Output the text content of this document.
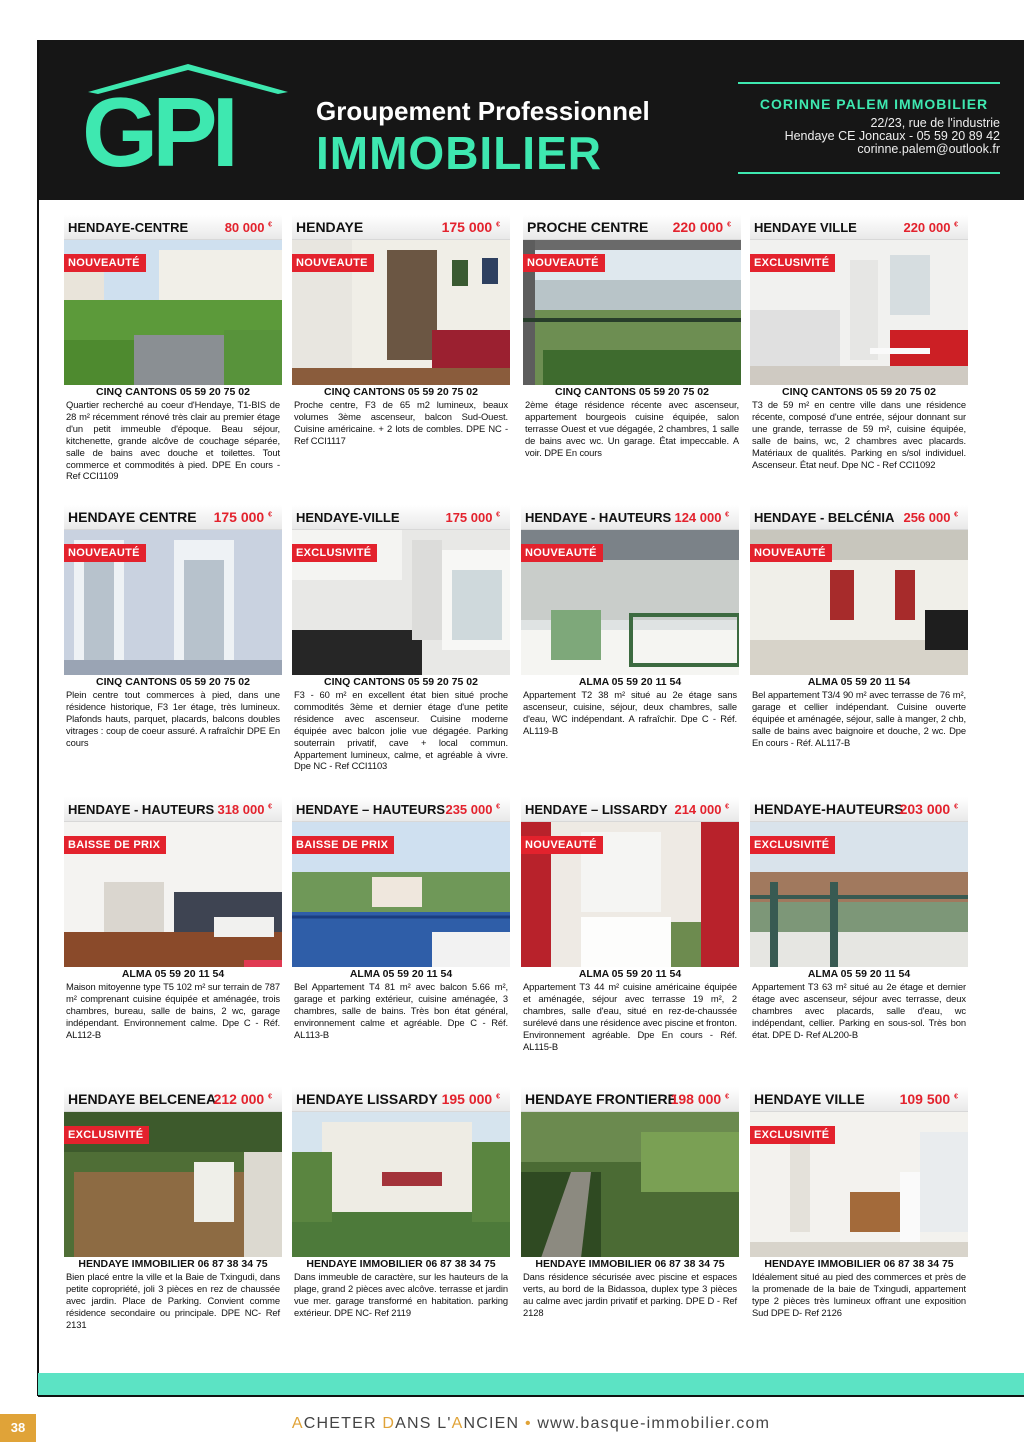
GPI	Groupement Professionnel
IMMOBILIER
CORINNE PALEM IMMOBILIER
22/23, rue de l'industrie
Hendaye CE Joncaux - 05 59 20 89 42
corinne.palem@outlook.fr
HENDAYE-CENTRE	80 000 €
NOUVEAUTÉ
CINQ CANTONS 05 59 20 75 02
Quartier recherché au coeur d'Hendaye, T1-BIS de 28 m² récemment rénové très clair au premier étage d'un petit immeuble d'époque. Beau séjour, kitchenette, grande alcôve de couchage séparée, salle de bains avec douche et toilettes. Tout commerce et commodités à pied. DPE En cours - Ref CCI1109
HENDAYE	175 000 €
NOUVEAUTE
CINQ CANTONS 05 59 20 75 02
Proche centre, F3 de 65 m2 lumineux, beaux volumes 3ème ascenseur, balcon Sud-Ouest. Cuisine américaine. + 2 lots de combles. DPE NC - Ref CCI1117
PROCHE CENTRE 220 000 €
NOUVEAUTÉ
CINQ CANTONS 05 59 20 75 02
2ème étage résidence récente avec ascenseur, appartement bourgeois cuisine équipée, salon terrasse Ouest et vue dégagée, 2 chambres, 1 salle de bains avec wc. Un garage. État impeccable. A voir. DPE En cours
HENDAYE VILLE	220 000 €
EXCLUSIVITÉ
CINQ CANTONS 05 59 20 75 02
T3 de 59 m² en centre ville dans une résidence récente, composé d'une entrée, séjour donnant sur une grande, terrasse de 59 m², cuisine équipée, salle de bains, wc, 2 chambres avec placards. Matériaux de qualités. Parking en s/sol individuel. Ascenseur. État neuf. Dpe NC - Ref CCI1092
HENDAYE CENTRE 175 000 €
NOUVEAUTÉ
CINQ CANTONS 05 59 20 75 02
Plein centre tout commerces à pied, dans une résidence historique, F3 1er étage, très lumineux. Plafonds hauts, parquet, placards, balcons doubles vitrages : coup de coeur assuré. A rafraîchir DPE En cours
HENDAYE-VILLE	175 000 €
EXCLUSIVITÉ
CINQ CANTONS 05 59 20 75 02
F3 - 60 m² en excellent état bien situé proche commodités 3ème et dernier étage d'une petite résidence avec ascenseur. Cuisine moderne équipée avec balcon jolie vue dégagée. Parking souterrain privatif, cave + local commun. Appartement lumineux, calme, et agréable à vivre. Dpe NC - Ref CCI1103
HENDAYE - HAUTEURS 124 000 €
NOUVEAUTÉ
ALMA 05 59 20 11 54
Appartement T2 38 m² situé au 2e étage sans ascenseur, cuisine, séjour, deux chambres, salle d'eau, WC indépendant. A rafraîchir. Dpe C - Réf. AL119-B
HENDAYE - BELCÉNIA 256 000 €
NOUVEAUTÉ
ALMA 05 59 20 11 54
Bel appartement T3/4 90 m² avec terrasse de 76 m², garage et cellier indépendant. Cuisine ouverte équipée et aménagée, séjour, salle à manger, 2 chb, salle de bains avec baignoire et douche, 2 wc. Dpe En cours - Réf. AL117-B
HENDAYE - HAUTEURS 318 000 €
BAISSE DE PRIX
ALMA 05 59 20 11 54
Maison mitoyenne type T5 102 m² sur terrain de 787 m² comprenant cuisine équipée et aménagée, trois chambres, bureau, salle de bains, 2 wc, garage indépendant. Environnement calme. Dpe C - Réf. AL112-B
HENDAYE – HAUTEURS 235 000 €
BAISSE DE PRIX
ALMA 05 59 20 11 54
Bel Appartement T4 81 m² avec balcon 5.66 m², garage et parking extérieur, cuisine aménagée, 3 chambres, salle de bains. Très bon état général, environnement calme et agréable. Dpe C - Réf. AL113-B
HENDAYE – LISSARDY 214 000 €
NOUVEAUTÉ
ALMA 05 59 20 11 54
Appartement T3 44 m² cuisine américaine équipée et aménagée, séjour avec terrasse 19 m², 2 chambres, salle d'eau, situé en rez-de-chaussée surélevé dans une résidence avec piscine et fronton. Environnement agréable. Dpe En cours - Réf. AL115-B
HENDAYE-HAUTEURS
203 000 €
EXCLUSIVITÉ
ALMA 05 59 20 11 54
Appartement T3 63 m² situé au 2e étage et dernier étage avec ascenseur, séjour avec terrasse, deux chambres avec placards, salle d'eau, wc indépendant, cellier. Parking en sous-sol. Très bon état. DPE D- Ref AL200-B
HENDAYE BELCENEA
212 000 €
EXCLUSIVITÉ
HENDAYE IMMOBILIER 06 87 38 34 75
Bien placé entre la ville et la Baie de Txingudi, dans petite copropriété, joli 3 pièces en rez de chaussée avec jardin. Place de Parking. Convient comme résidence secondaire ou principale. DPE NC- Ref 2131
HENDAYE LISSARDY 195 000 €
HENDAYE IMMOBILIER 06 87 38 34 75
Dans immeuble de caractère, sur les hauteurs de la plage, grand 2 pièces avec alcôve. terrasse et jardin vue mer. garage transformé en habitation. parking extérieur. DPE NC- Ref 2119
HENDAYE FRONTIERE
198 000 €
HENDAYE IMMOBILIER 06 87 38 34 75
Dans résidence sécurisée avec piscine et espaces verts, au bord de la Bidassoa, duplex type 3 pièces au calme avec jardin privatif et parking. DPE D - Ref 2128
HENDAYE VILLE 109 500 €
EXCLUSIVITÉ
HENDAYE IMMOBILIER 06 87 38 34 75
Idéalement situé au pied des commerces et près de la promenade de la baie de Txingudi, appartement type 2 pièces très lumineux offrant une exposition Sud DPE D- Ref 2126
38	ACHETER DANS L'ANCIEN • www.basque-immobilier.com
